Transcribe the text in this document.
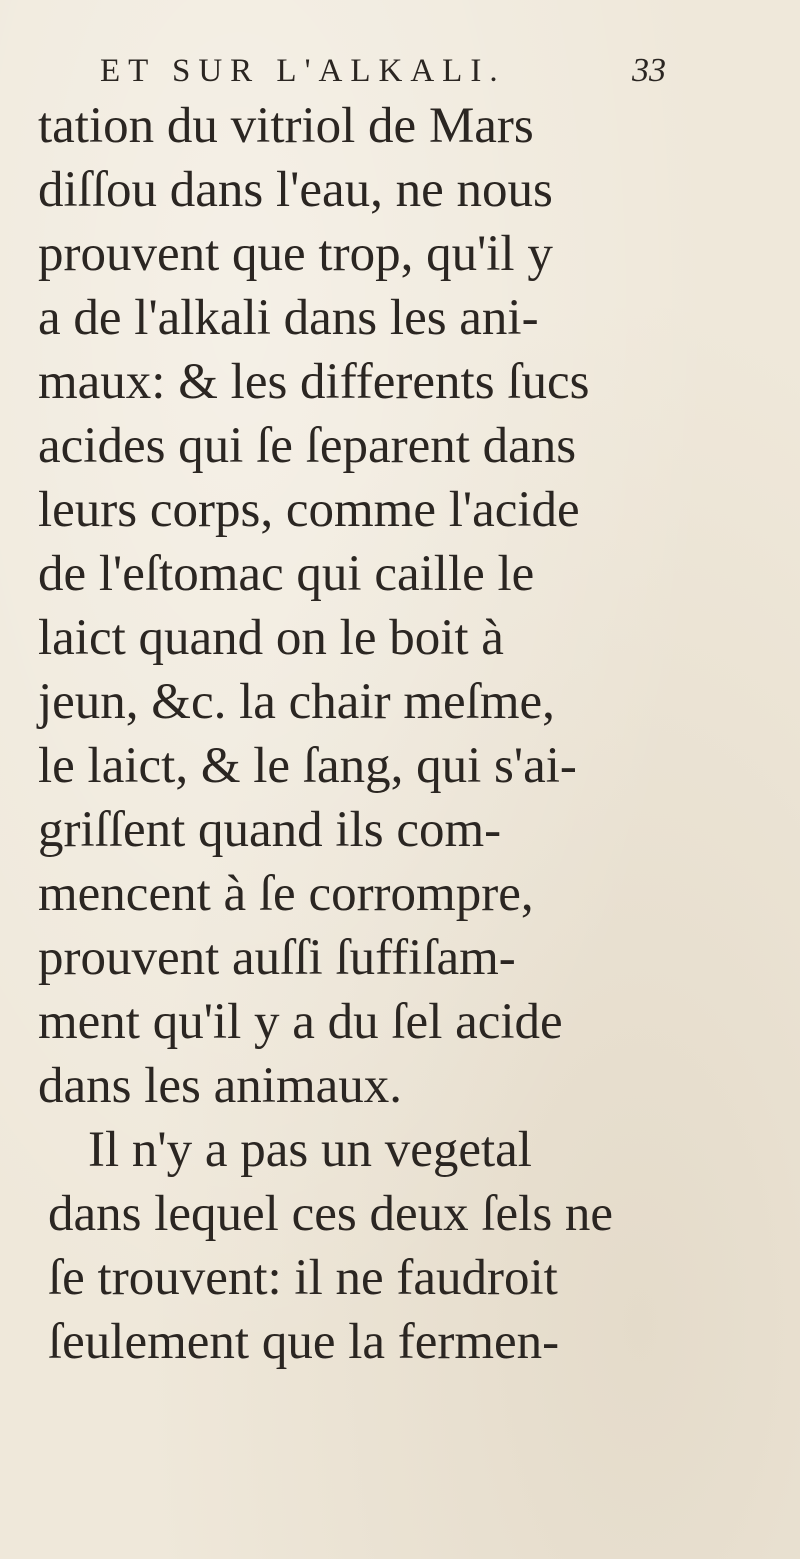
ET SUR L'ALKALI.	33
tation du vitriol de Mars
diſſou dans l'eau, ne nous
prouvent que trop, qu'il y
a de l'alkali dans les ani-
maux: & les differents ſucs
acides qui ſe ſeparent dans
leurs corps, comme l'acide
de l'eſtomac qui caille le
laict quand on le boit à
jeun, &c. la chair meſme,
le laict, & le ſang, qui s'ai-
griſſent quand ils com-
mencent à ſe corrompre,
prouvent auſſi ſuffiſam-
ment qu'il y a du ſel acide
dans les animaux.
Il n'y a pas un vegetal
dans lequel ces deux ſels ne
ſe trouvent: il ne faudroit
ſeulement que la fermen-
